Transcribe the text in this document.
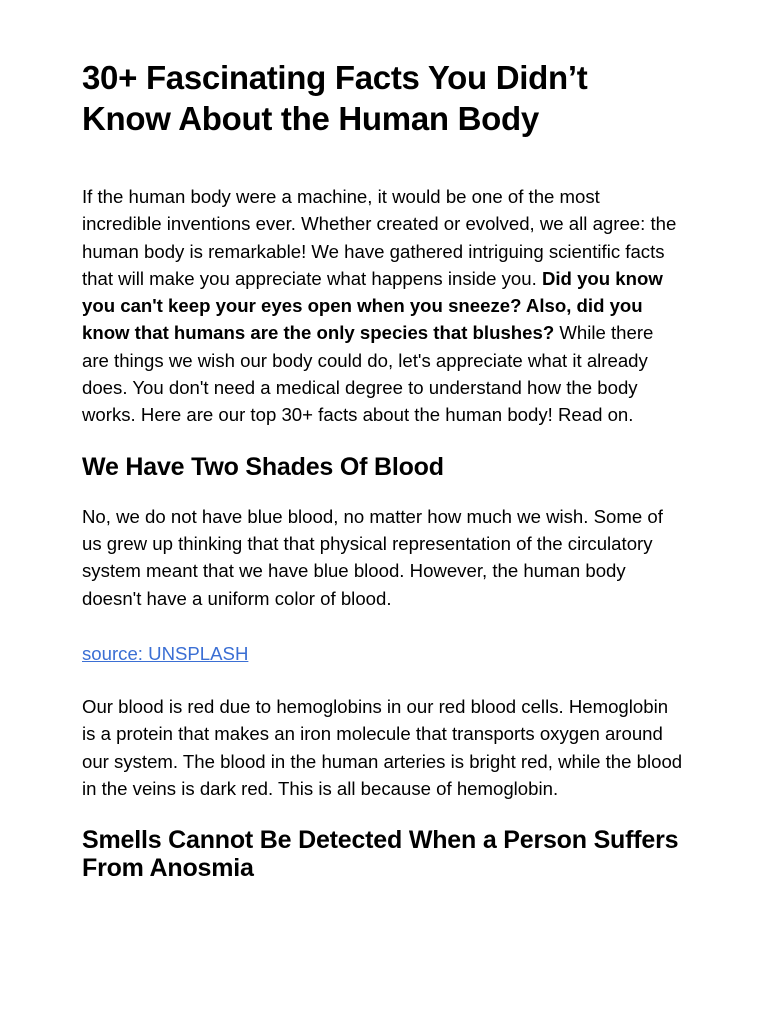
30+ Fascinating Facts You Didn’t Know About the Human Body

If the human body were a machine, it would be one of the most incredible inventions ever. Whether created or evolved, we all agree: the human body is remarkable! We have gathered intriguing scientific facts that will make you appreciate what happens inside you. Did you know you can't keep your eyes open when you sneeze? Also, did you know that humans are the only species that blushes? While there are things we wish our body could do, let's appreciate what it already does. You don't need a medical degree to understand how the body works. Here are our top 30+ facts about the human body! Read on.

We Have Two Shades Of Blood

No, we do not have blue blood, no matter how much we wish. Some of us grew up thinking that that physical representation of the circulatory system meant that we have blue blood. However, the human body doesn't have a uniform color of blood.

source: UNSPLASH

Our blood is red due to hemoglobins in our red blood cells. Hemoglobin is a protein that makes an iron molecule that transports oxygen around our system. The blood in the human arteries is bright red, while the blood in the veins is dark red. This is all because of hemoglobin.

Smells Cannot Be Detected When a Person Suffers From Anosmia
